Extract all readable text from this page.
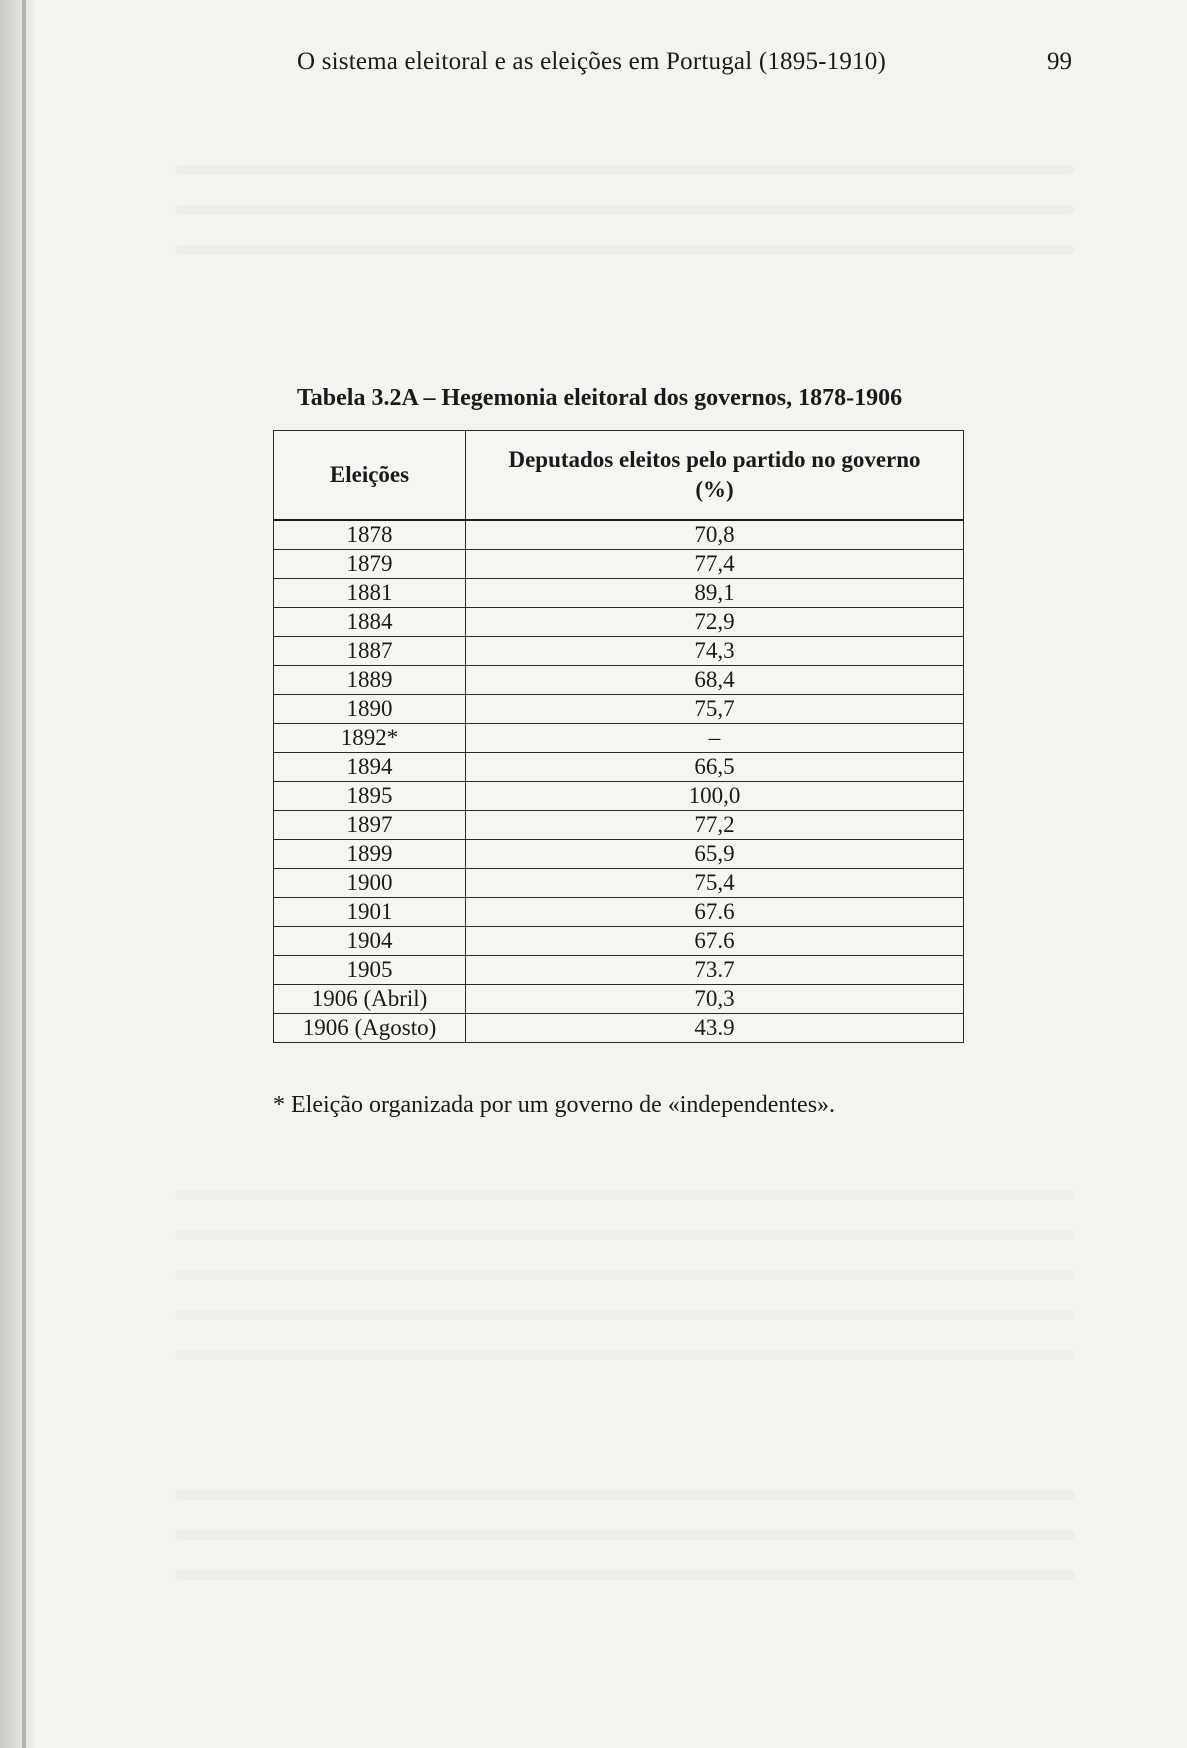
O sistema eleitoral e as eleições em Portugal (1895-1910)	99
Tabela 3.2A – Hegemonia eleitoral dos governos, 1878-1906
Eleições	Deputados eleitos pelo partido no governo
(%)
1878	70,8
1879	77,4
1881	89,1
1884	72,9
1887	74,3
1889	68,4
1890	75,7
1892*	–
1894	66,5
1895	100,0
1897	77,2
1899	65,9
1900	75,4
1901	67.6
1904	67.6
1905	73.7
1906 (Abril)	70,3
1906 (Agosto)	43.9
* Eleição organizada por um governo de «independentes».
